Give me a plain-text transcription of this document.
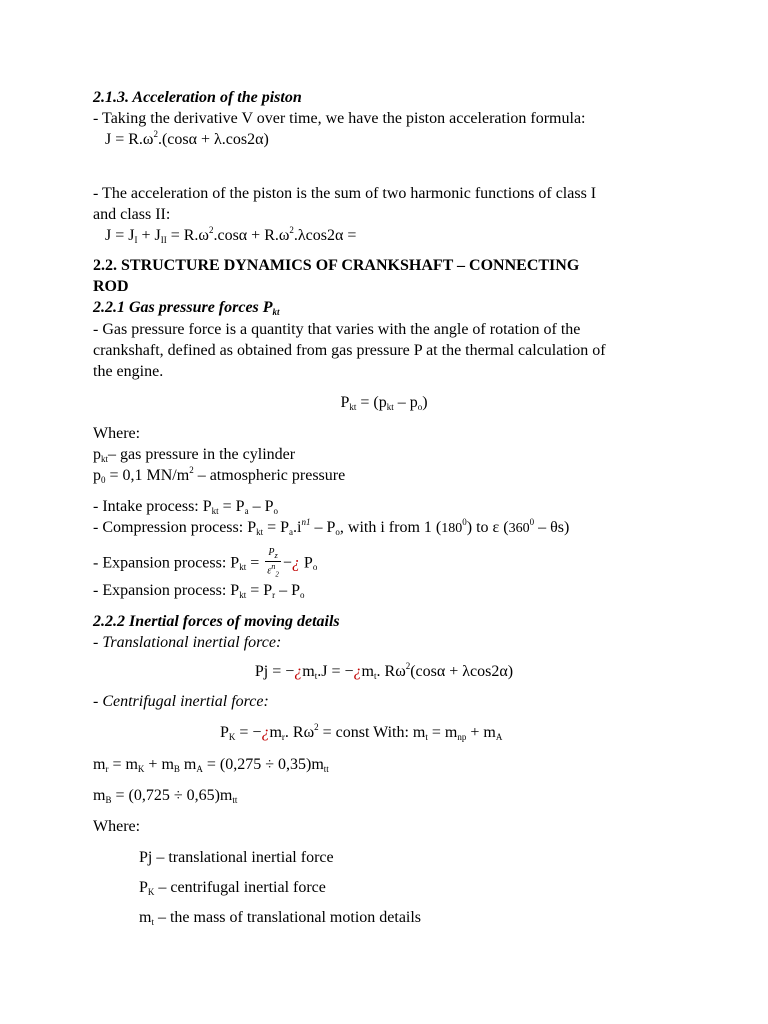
2.1.3. Acceleration of the piston
- Taking the derivative V over time, we have the piston acceleration formula:
$J = R.\omega^2.(\cos\alpha + \lambda.\cos 2\alpha)$
- The acceleration of the piston is the sum of two harmonic functions of class I
and class II:
J = JI + JII = $R.\omega^2.\cos\alpha + R.\omega^2.\lambda\cos 2\alpha$ =
2.2. STRUCTURE DYNAMICS OF CRANKSHAFT – CONNECTING
ROD
2.2.1 Gas pressure forces Pkt
- Gas pressure force is a quantity that varies with the angle of rotation of the
crankshaft, defined as obtained from gas pressure P at the thermal calculation of
the engine.
Pkt = (pkt – po)
Where:
pkt– gas pressure in the cylinder
p0 = 0,1 $MN/m^2$ – atmospheric pressure
- Intake process: Pkt = Pa – Po
- Compression process: Pkt = $Pa.i^{n1}$ – Po, with i from 1 $(180^0)$ to ε $(360^0 - \theta s)$
- Expansion process: Pkt = $\frac{P_z}{\varepsilon^n_2}$ −¿ Po
- Expansion process: Pkt = Pr – Po
2.2.2 Inertial forces of moving details
- Translational inertial force:
Pj = −¿mt.J = −¿mt. $R\omega^2(\cos\alpha + \lambda\cos 2\alpha)$
- Centrifugal inertial force:
PK = −¿mr. $R\omega^2$ = const With: mt = mnp + mA
mr = mK + mB mA = (0,275 ÷ 0,35)mtt
mB = (0,725 ÷ 0,65)mtt
Where:
Pj – translational inertial force
PK – centrifugal inertial force
mt – the mass of translational motion details
